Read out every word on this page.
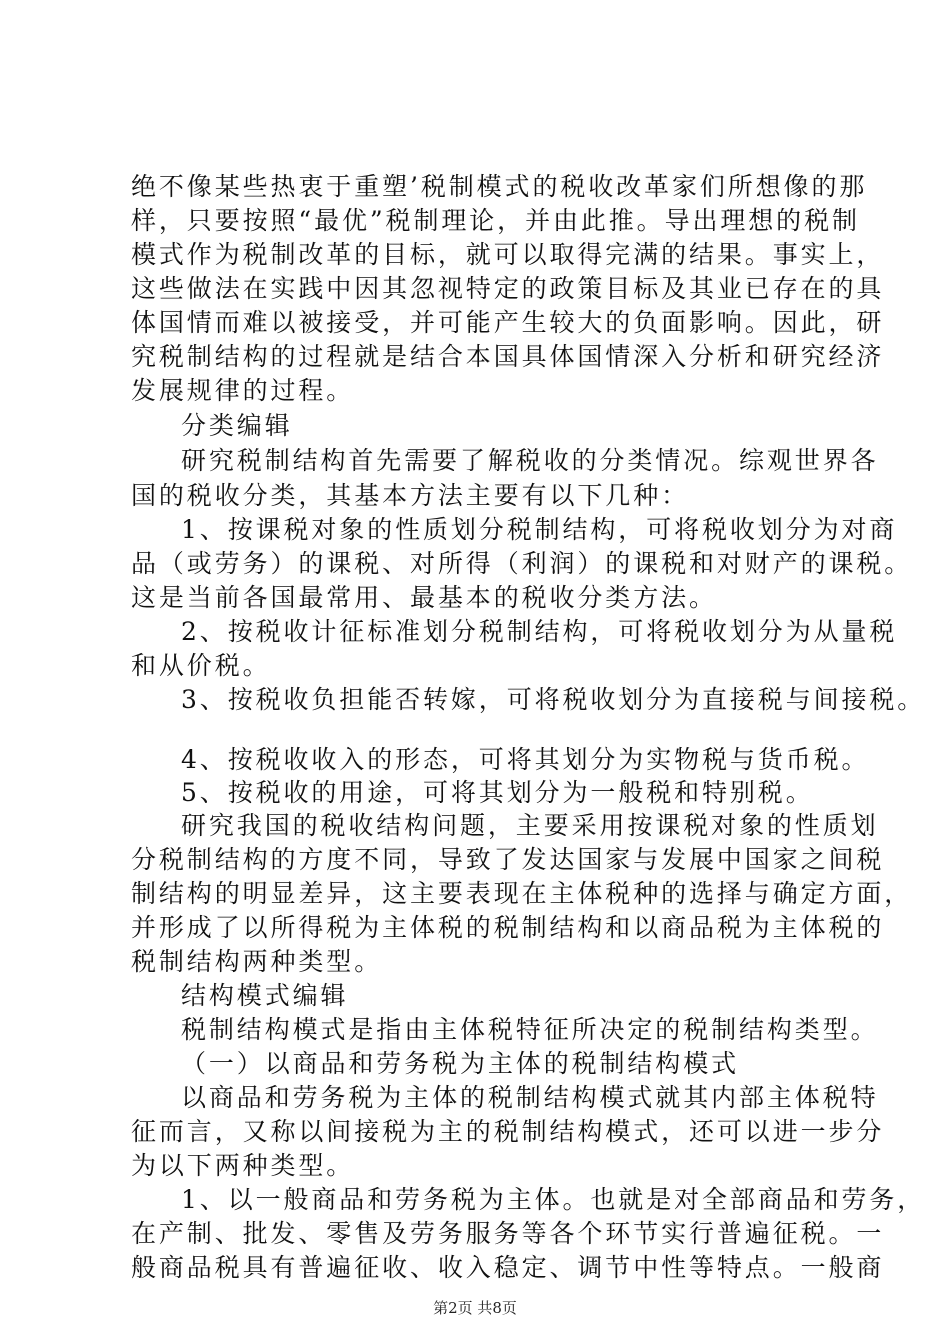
绝不像某些热衷于重塑’税制模式的税收改革家们所想像的那
样，只要按照“最优”税制理论，并由此推。导出理想的税制
模式作为税制改革的目标，就可以取得完满的结果。事实上，
这些做法在实践中因其忽视特定的政策目标及其业已存在的具
体国情而难以被接受，并可能产生较大的负面影响。因此，研
究税制结构的过程就是结合本国具体国情深入分析和研究经济
发展规律的过程。
分类编辑
研究税制结构首先需要了解税收的分类情况。综观世界各
国的税收分类，其基本方法主要有以下几种：
1、按课税对象的性质划分税制结构，可将税收划分为对商
品（或劳务）的课税、对所得（利润）的课税和对财产的课税。
这是当前各国最常用、最基本的税收分类方法。
2、按税收计征标准划分税制结构，可将税收划分为从量税
和从价税。
3、按税收负担能否转嫁，可将税收划分为直接税与间接税。
4、按税收收入的形态，可将其划分为实物税与货币税。
5、按税收的用途，可将其划分为一般税和特别税。
研究我国的税收结构问题，主要采用按课税对象的性质划
分税制结构的方度不同，导致了发达国家与发展中国家之间税
制结构的明显差异，这主要表现在主体税种的选择与确定方面，
并形成了以所得税为主体税的税制结构和以商品税为主体税的
税制结构两种类型。
结构模式编辑
税制结构模式是指由主体税特征所决定的税制结构类型。
（一）以商品和劳务税为主体的税制结构模式
以商品和劳务税为主体的税制结构模式就其内部主体税特
征而言，又称以间接税为主的税制结构模式，还可以进一步分
为以下两种类型。
1、以一般商品和劳务税为主体。也就是对全部商品和劳务，
在产制、批发、零售及劳务服务等各个环节实行普遍征税。一
般商品税具有普遍征收、收入稳定、调节中性等特点。一般商
第2页 共8页
